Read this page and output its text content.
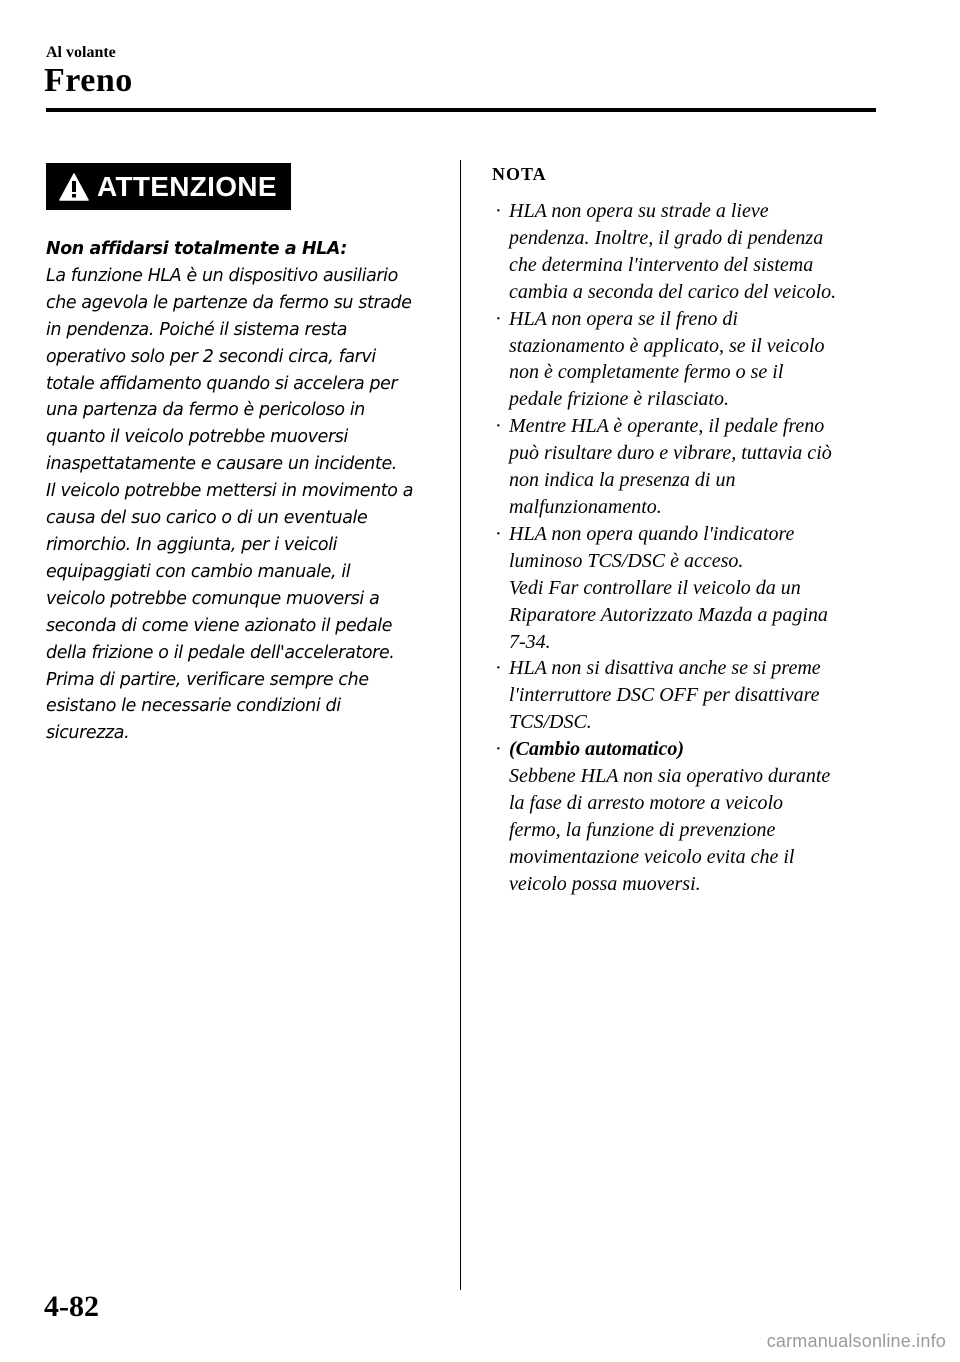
Al volante
Freno
ATTENZIONE
Non affidarsi totalmente a HLA:
La funzione HLA è un dispositivo ausiliario
che agevola le partenze da fermo su strade
in pendenza. Poiché il sistema resta
operativo solo per 2 secondi circa, farvi
totale affidamento quando si accelera per
una partenza da fermo è pericoloso in
quanto il veicolo potrebbe muoversi
inaspettatamente e causare un incidente.
Il veicolo potrebbe mettersi in movimento a
causa del suo carico o di un eventuale
rimorchio. In aggiunta, per i veicoli
equipaggiati con cambio manuale, il
veicolo potrebbe comunque muoversi a
seconda di come viene azionato il pedale
della frizione o il pedale dell'acceleratore.
Prima di partire, verificare sempre che
esistano le necessarie condizioni di
sicurezza.
NOTA
· HLA non opera su strade a lieve
pendenza. Inoltre, il grado di pendenza
che determina l'intervento del sistema
cambia a seconda del carico del veicolo.
· HLA non opera se il freno di
stazionamento è applicato, se il veicolo
non è completamente fermo o se il
pedale frizione è rilasciato.
· Mentre HLA è operante, il pedale freno
può risultare duro e vibrare, tuttavia ciò
non indica la presenza di un
malfunzionamento.
· HLA non opera quando l'indicatore
luminoso TCS/DSC è acceso.
Vedi Far controllare il veicolo da un
Riparatore Autorizzato Mazda a pagina
7-34.
· HLA non si disattiva anche se si preme
l'interruttore DSC OFF per disattivare
TCS/DSC.
· (Cambio automatico)
Sebbene HLA non sia operativo durante
la fase di arresto motore a veicolo
fermo, la funzione di prevenzione
movimentazione veicolo evita che il
veicolo possa muoversi.
4-82
carmanualsonline.info
